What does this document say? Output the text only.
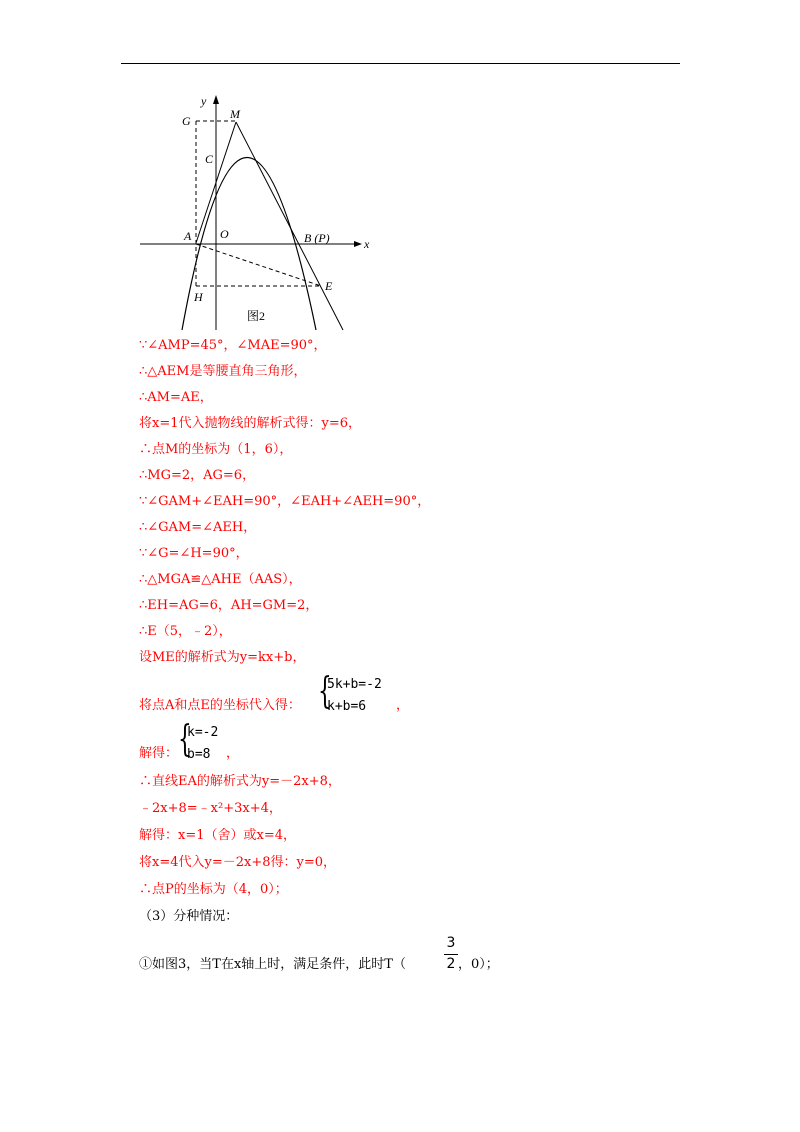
y
M
G
C
A O	B (P)	x
H
E
图2
∵∠AMP=45°，∠MAE=90°，
∴△AEM是等腰直角三角形，
∴AM=AE，
将x=1代入抛物线的解析式得：y=6，
∴点M的坐标为（1，6），
∴MG=2，AG=6，
∵∠GAM+∠EAH=90°，∠EAH+∠AEH=90°，
∴∠GAM=∠AEH，
∵∠G=∠H=90°，
∴△MGA≌△AHE（AAS），
∴EH=AG=6，AH=GM=2，
∴E（5，﹣2），
设ME的解析式为y=kx+b，
将点A和点E的坐标代入得： {
5k+b=-2
k+b=6 ，
解得： {
k=-2
b=8 ，
∴直线EA的解析式为y=－2x+8，
﹣2x+8=﹣x²+3x+4，
解得：x=1（舍）或x=4，
将x=4代入y=－2x+8得：y=0，
∴点P的坐标为（4，0）；
（3）分种情况：
①如图3，当T在x轴上时，满足条件，此时T（
3
2 ，0）；
